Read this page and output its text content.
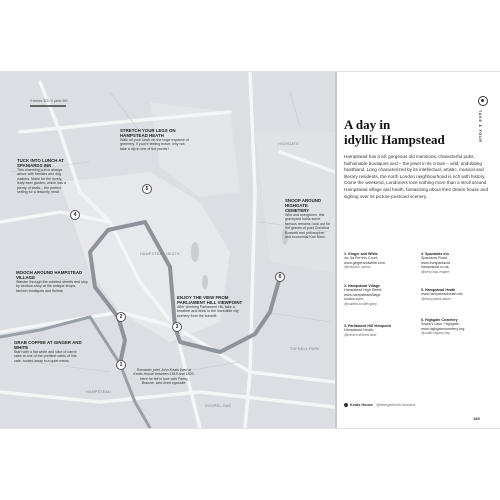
0 metres 300 / 0 yards 300
HAMPSTEAD HEATH
HAMPSTEAD
GOSPEL OAK
HIGHGATE
TUFNELL PARK
1
2
3
4
5
6
TUCK INTO LUNCH AT SPANIARDS INN
This charming pub is always abuzz with families and dog walkers. Make for the lovely, leafy beer garden, which has a plenty of seats – the perfect setting for a leisurely meal.
STRETCH YOUR LEGS ON HAMPSTEAD HEATH
Walk off your lunch on the huge expanse of greenery. If you're feeling brave, why not take a dip in one of the ponds?
MOOCH AROUND HAMPSTEAD VILLAGE
Wander through the cobbled streets and stop by window-shop at the antique shops, fashion boutiques and florists.
GRAB COFFEE AT GINGER AND WHITE
Start with a flat white and slice of carrot cake at one of the prettiest cafés of this café, tucked away in a quiet mews.
ENJOY THE VIEW FROM PARLIAMENT HILL VIEWPOINT
After climbing Parliament Hill, take a breather and drink in the incredible city scenery from the summit.
SNOOP AROUND HIGHGATE CEMETERY
Wild and overgrown, this graveyard holds some famous remains; look out for the graves of poet Christina Rossetti and philosopher and economist Karl Marx.
Romantic poet John Keats lived at Keats House between 1818 and 1820. Here he fell in love with Fanny Brawne, who lived opposite.
TAKE A TOUR
A day in
idyllic Hampstead
Hampstead has it all: gorgeous old mansions, characterful pubs, fashionable boutiques and – the jewel in its crown – wild, undulating heathland. Long characterized by its intellectual, artistic, musical and literary residents, the north London neighbourhood is rich with history. Come the weekend, Londoners love nothing more than a stroll around Hampstead village and heath, fantasizing about their dream house and sighing over its picture-postcard scenery.
1. Ginger and White
4a–5a Perrin's Court;
www.gingerandwhite.com;
@tinkydoh_author
2. Hampstead Village
Hampstead High Street;
www.hampsteadvillage
london.com;
@isabela.scuttlezgezy
3. Parliament Hill Viewpoint
Hampstead Heath;
@travers.defined.land
4. Spaniards Inn
Spaniards Road;
www.thespaniards
hampstead.co.uk;
@kerry.logs.engine
5. Hampstead Heath
www.hampsteadheath.net;
@hilary.prima.album
6. Highgate Cemetery
Swain's Lane, Highgate;
www.highgatecemetery.org;
@sudin.regard.crap
Keats House @hemgsbooth.humans
189
